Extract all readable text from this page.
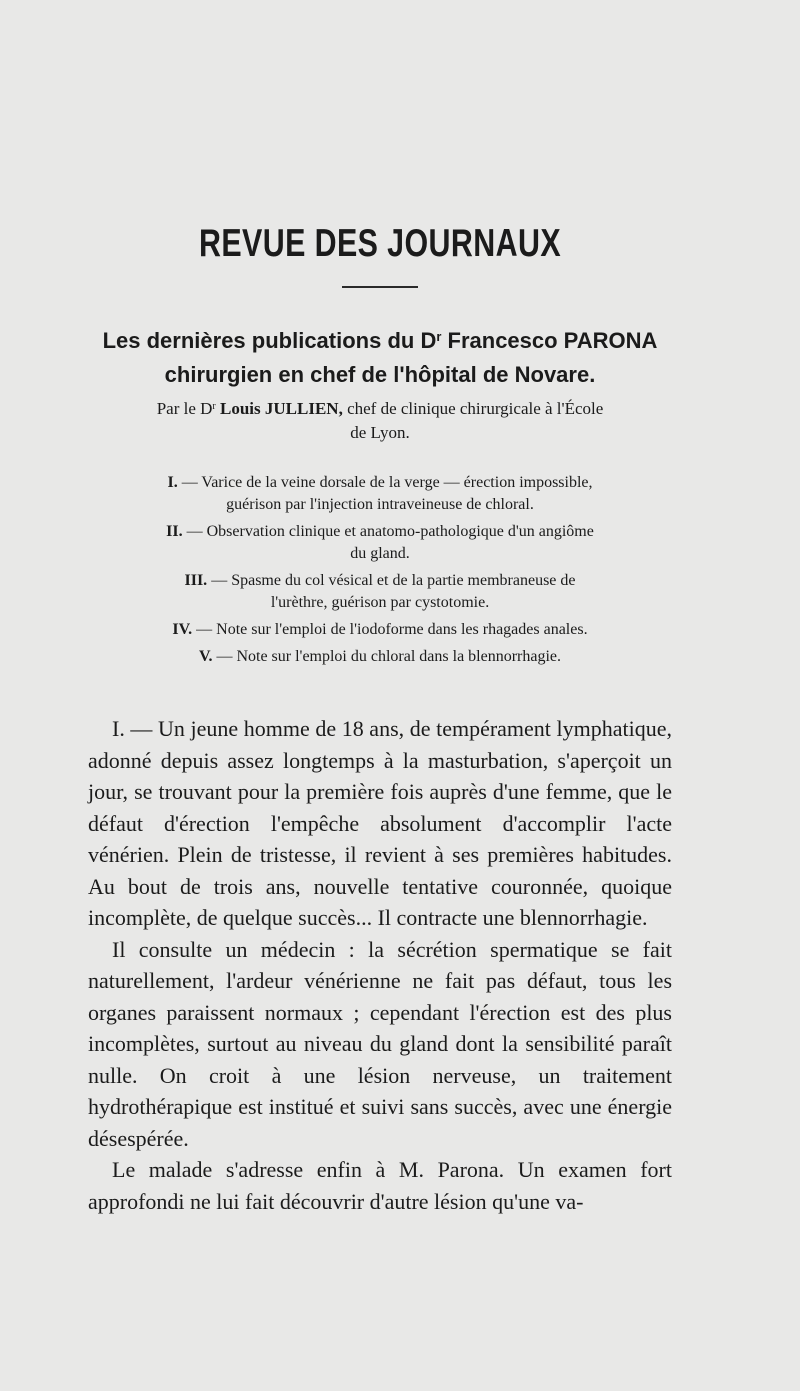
REVUE DES JOURNAUX
Les dernières publications du $D^r$ Francesco PARONA
chirurgien en chef de l'hôpital de Novare.
Par le $D^r$ Louis JULLIEN, chef de clinique chirurgicale à l'École
de Lyon.
I. — Varice de la veine dorsale de la verge — érection impossible,
guérison par l'injection intraveineuse de chloral.
II. — Observation clinique et anatomo-pathologique d'un angiôme
du gland.
III. — Spasme du col vésical et de la partie membraneuse de
l'urèthre, guérison par cystotomie.
IV. — Note sur l'emploi de l'iodoforme dans les rhagades anales.
V. — Note sur l'emploi du chloral dans la blennorrhagie.

I. — Un jeune homme de 18 ans, de tempérament lymphatique, adonné depuis assez longtemps à la masturbation, s'aperçoit un jour, se trouvant pour la première fois auprès d'une femme, que le défaut d'érection l'empêche absolument d'accomplir l'acte vénérien. Plein de tristesse, il revient à ses premières habitudes. Au bout de trois ans, nouvelle tentative couronnée, quoique incomplète, de quelque succès... Il contracte une blennorrhagie.

Il consulte un médecin : la sécrétion spermatique se fait naturellement, l'ardeur vénérienne ne fait pas défaut, tous les organes paraissent normaux ; cependant l'érection est des plus incomplètes, surtout au niveau du gland dont la sensibilité paraît nulle. On croit à une lésion nerveuse, un traitement hydrothérapique est institué et suivi sans succès, avec une énergie désespérée.

Le malade s'adresse enfin à M. Parona. Un examen fort approfondi ne lui fait découvrir d'autre lésion qu'une va-
